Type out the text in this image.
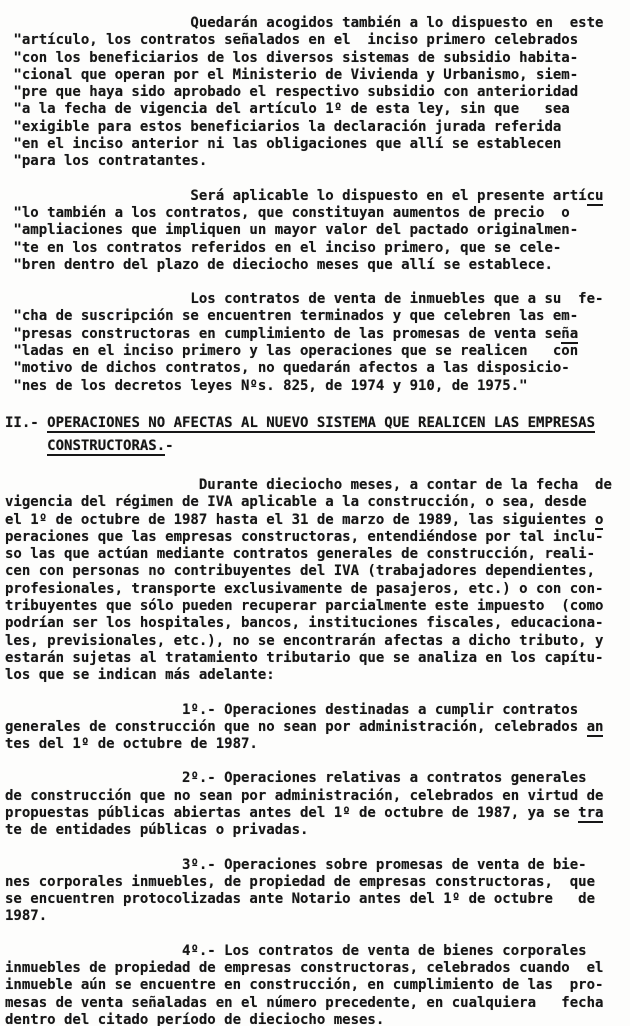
Quedarán acogidos también a lo dispuesto en  este
"artículo, los contratos señalados en el  inciso primero celebrados
"con los beneficiarios de los diversos sistemas de subsidio habita-
"cional que operan por el Ministerio de Vivienda y Urbanismo, siem-
"pre que haya sido aprobado el respectivo subsidio con anterioridad
"a la fecha de vigencia del artículo 1º de esta ley, sin que   sea
"exigible para estos beneficiarios la declaración jurada referida
"en el inciso anterior ni las obligaciones que allí se establecen
"para los contratantes.
Será aplicable lo dispuesto en el presente artícu
"lo también a los contratos, que constituyan aumentos de precio  o
"ampliaciones que impliquen un mayor valor del pactado originalmen-
"te en los contratos referidos en el inciso primero, que se cele-
"bren dentro del plazo de dieciocho meses que allí se establece.
Los contratos de venta de inmuebles que a su  fe-
"cha de suscripción se encuentren terminados y que celebren las em-
"presas constructoras en cumplimiento de las promesas de venta seña
"ladas en el inciso primero y las operaciones que se realicen   con
"motivo de dichos contratos, no quedarán afectos a las disposicio-
"nes de los decretos leyes Nºs. 825, de 1974 y 910, de 1975."
II.- OPERACIONES NO AFECTAS AL NUEVO SISTEMA QUE REALICEN LAS EMPRESAS
CONSTRUCTORAS.-
Durante dieciocho meses, a contar de la fecha  de
vigencia del régimen de IVA aplicable a la construcción, o sea, desde
el 1º de octubre de 1987 hasta el 31 de marzo de 1989, las siguientes o
peraciones que las empresas constructoras, entendiéndose por tal inclu-
so las que actúan mediante contratos generales de construcción, reali-
cen con personas no contribuyentes del IVA (trabajadores dependientes,
profesionales, transporte exclusivamente de pasajeros, etc.) o con con-
tribuyentes que sólo pueden recuperar parcialmente este impuesto  (como
podrían ser los hospitales, bancos, instituciones fiscales, educaciona-
les, previsionales, etc.), no se encontrarán afectas a dicho tributo, y
estarán sujetas al tratamiento tributario que se analiza en los capítu-
los que se indican más adelante:
1º.- Operaciones destinadas a cumplir contratos
generales de construcción que no sean por administración, celebrados an
tes del 1º de octubre de 1987.
2º.- Operaciones relativas a contratos generales
de construcción que no sean por administración, celebrados en virtud de
propuestas públicas abiertas antes del 1º de octubre de 1987, ya se tra
te de entidades públicas o privadas.
3º.- Operaciones sobre promesas de venta de bie-
nes corporales inmuebles, de propiedad de empresas constructoras,  que
se encuentren protocolizadas ante Notario antes del 1º de octubre   de
1987.
4º.- Los contratos de venta de bienes corporales
inmuebles de propiedad de empresas constructoras, celebrados cuando  el
inmueble aún se encuentre en construcción, en cumplimiento de las  pro-
mesas de venta señaladas en el número precedente, en cualquiera   fecha
dentro del citado período de dieciocho meses.
